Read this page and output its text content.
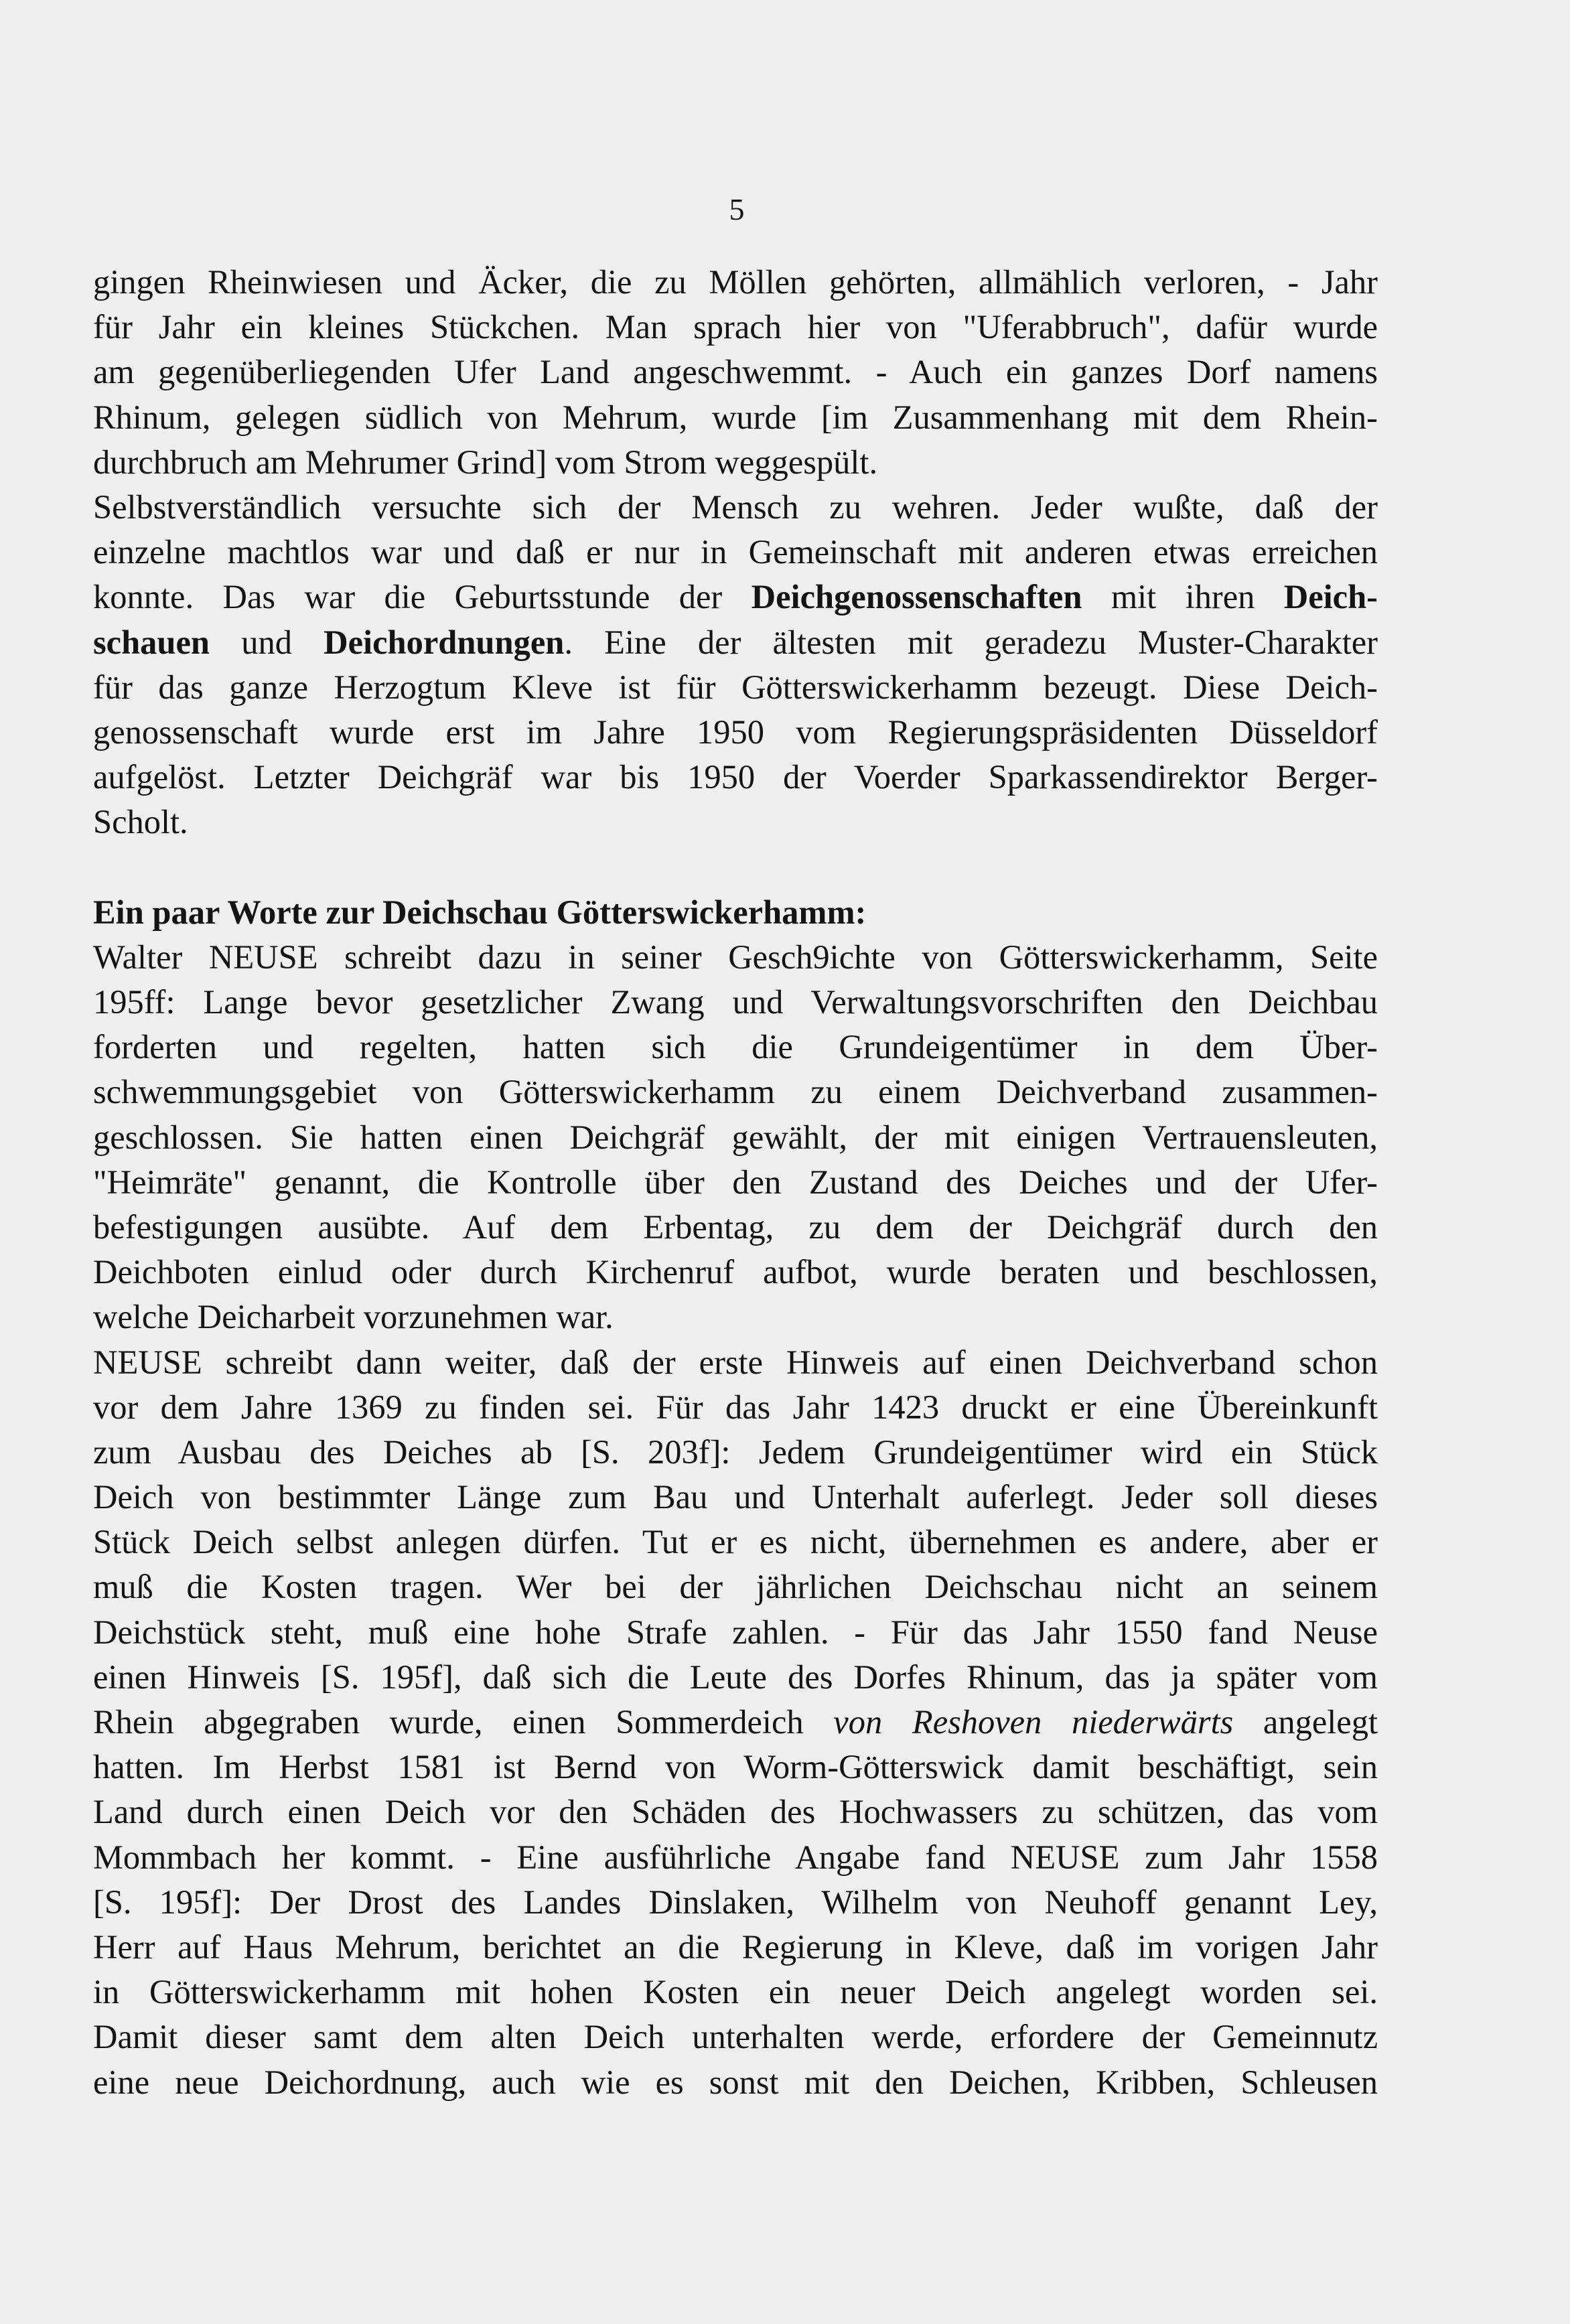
5
gingen Rheinwiesen und Äcker, die zu Möllen gehörten, allmählich verloren, - Jahr
für Jahr ein kleines Stückchen. Man sprach hier von "Uferabbruch", dafür wurde
am gegenüberliegenden Ufer Land angeschwemmt. - Auch ein ganzes Dorf namens
Rhinum, gelegen südlich von Mehrum, wurde [im Zusammenhang mit dem Rhein-
durchbruch am Mehrumer Grind] vom Strom weggespült.
Selbstverständlich versuchte sich der Mensch zu wehren. Jeder wußte, daß der
einzelne machtlos war und daß er nur in Gemeinschaft mit anderen etwas erreichen
konnte. Das war die Geburtsstunde der Deichgenossenschaften mit ihren Deich-
schauen und Deichordnungen. Eine der ältesten mit geradezu Muster-Charakter
für das ganze Herzogtum Kleve ist für Götterswickerhamm bezeugt. Diese Deich-
genossenschaft wurde erst im Jahre 1950 vom Regierungspräsidenten Düsseldorf
aufgelöst. Letzter Deichgräf war bis 1950 der Voerder Sparkassendirektor Berger-
Scholt.
Ein paar Worte zur Deichschau Götterswickerhamm:
Walter NEUSE schreibt dazu in seiner Gesch9ichte von Götterswickerhamm, Seite
195ff: Lange bevor gesetzlicher Zwang und Verwaltungsvorschriften den Deichbau
forderten und regelten, hatten sich die Grundeigentümer in dem Über-
schwemmungsgebiet von Götterswickerhamm zu einem Deichverband zusammen-
geschlossen. Sie hatten einen Deichgräf gewählt, der mit einigen Vertrauensleuten,
"Heimräte" genannt, die Kontrolle über den Zustand des Deiches und der Ufer-
befestigungen ausübte. Auf dem Erbentag, zu dem der Deichgräf durch den
Deichboten einlud oder durch Kirchenruf aufbot, wurde beraten und beschlossen,
welche Deicharbeit vorzunehmen war.
NEUSE schreibt dann weiter, daß der erste Hinweis auf einen Deichverband schon
vor dem Jahre 1369 zu finden sei. Für das Jahr 1423 druckt er eine Übereinkunft
zum Ausbau des Deiches ab [S. 203f]: Jedem Grundeigentümer wird ein Stück
Deich von bestimmter Länge zum Bau und Unterhalt auferlegt. Jeder soll dieses
Stück Deich selbst anlegen dürfen. Tut er es nicht, übernehmen es andere, aber er
muß die Kosten tragen. Wer bei der jährlichen Deichschau nicht an seinem
Deichstück steht, muß eine hohe Strafe zahlen. - Für das Jahr 1550 fand Neuse
einen Hinweis [S. 195f], daß sich die Leute des Dorfes Rhinum, das ja später vom
Rhein abgegraben wurde, einen Sommerdeich von Reshoven niederwärts angelegt
hatten. Im Herbst 1581 ist Bernd von Worm-Götterswick damit beschäftigt, sein
Land durch einen Deich vor den Schäden des Hochwassers zu schützen, das vom
Mommbach her kommt. - Eine ausführliche Angabe fand NEUSE zum Jahr 1558
[S. 195f]: Der Drost des Landes Dinslaken, Wilhelm von Neuhoff genannt Ley,
Herr auf Haus Mehrum, berichtet an die Regierung in Kleve, daß im vorigen Jahr
in Götterswickerhamm mit hohen Kosten ein neuer Deich angelegt worden sei.
Damit dieser samt dem alten Deich unterhalten werde, erfordere der Gemeinnutz
eine neue Deichordnung, auch wie es sonst mit den Deichen, Kribben, Schleusen
